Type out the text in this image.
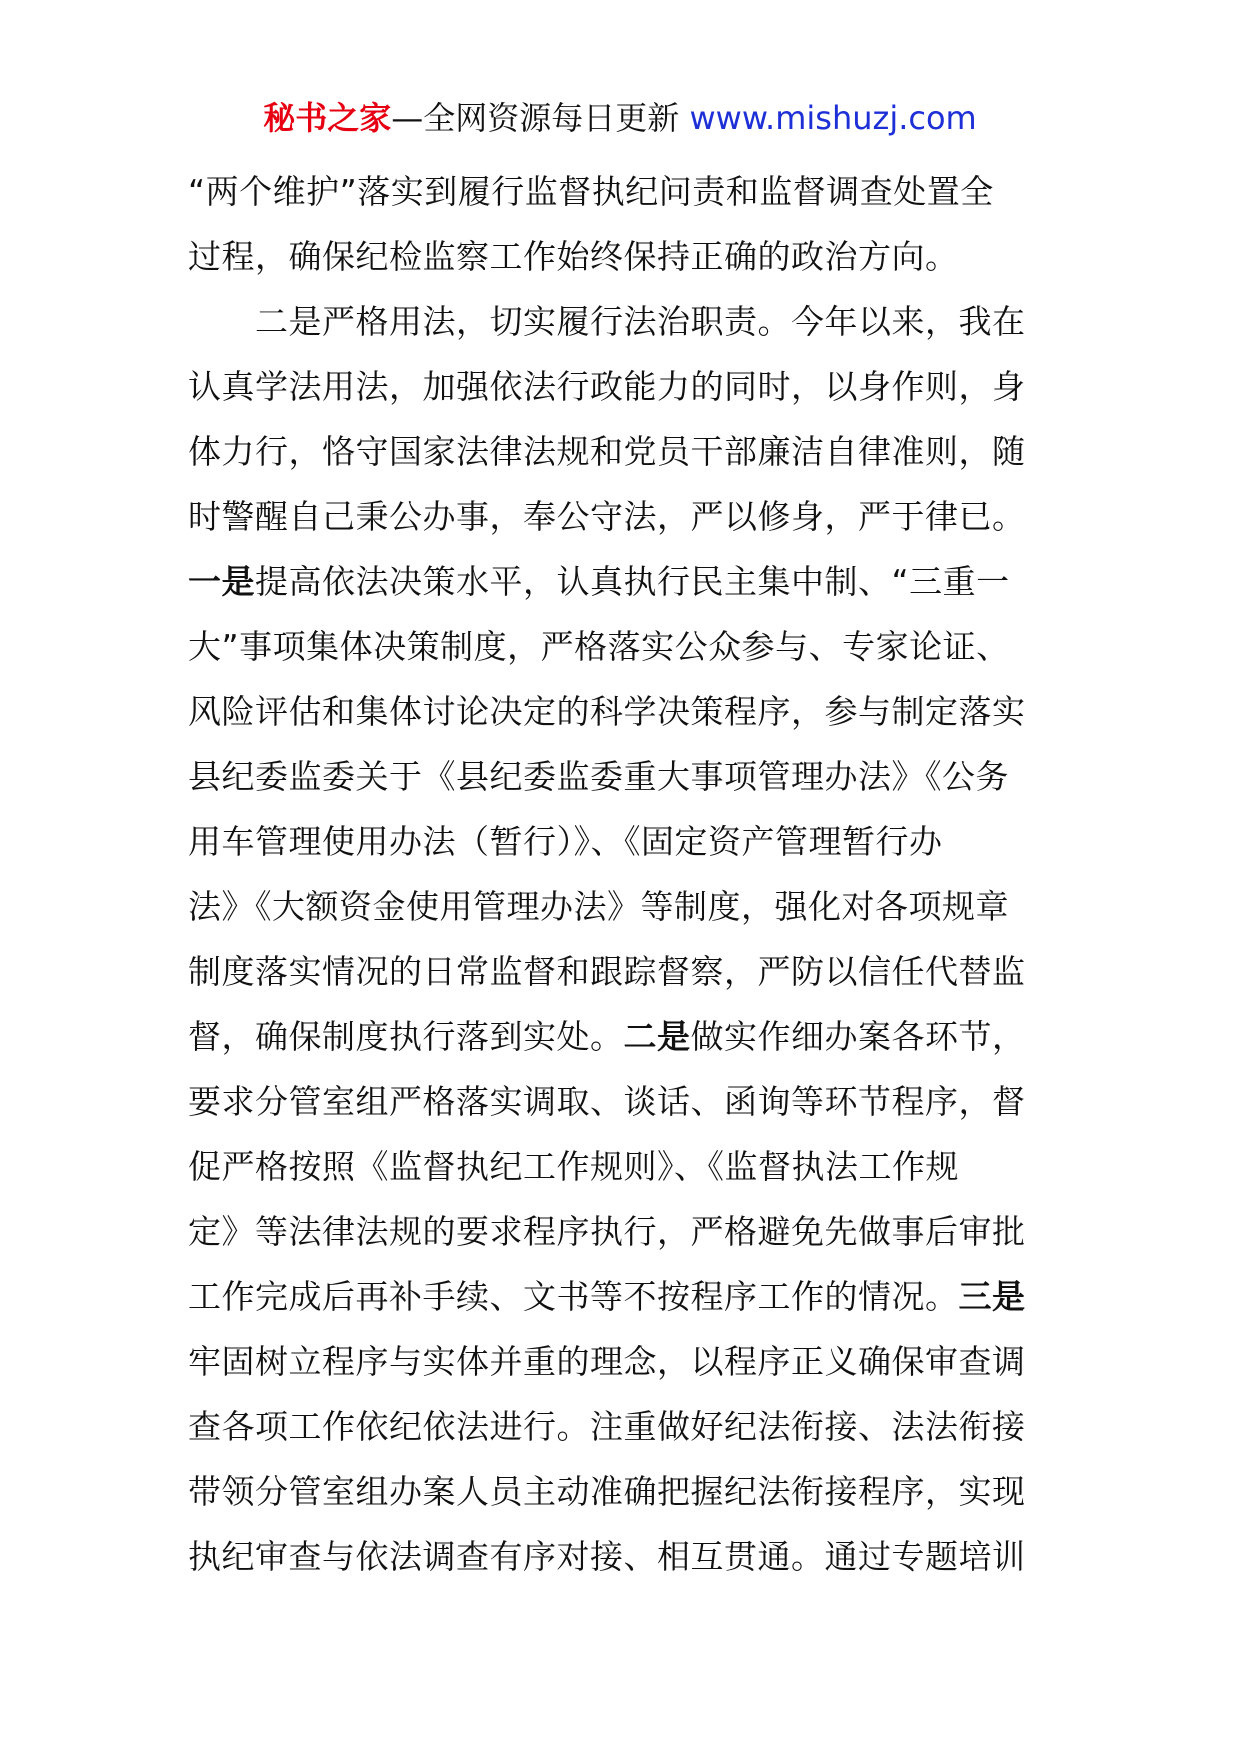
秘书之家—全网资源每日更新 www.mishuzj.com
“两个维护”落实到履行监督执纪问责和监督调查处置全
过程，确保纪检监察工作始终保持正确的政治方向。
　　二是严格用法，切实履行法治职责。今年以来，我在
认真学法用法，加强依法行政能力的同时，以身作则，身
体力行，恪守国家法律法规和党员干部廉洁自律准则，随
时警醒自己秉公办事，奉公守法，严以修身，严于律已。
一是提高依法决策水平，认真执行民主集中制、“三重一
大”事项集体决策制度，严格落实公众参与、专家论证、
风险评估和集体讨论决定的科学决策程序，参与制定落实
县纪委监委关于《县纪委监委重大事项管理办法》《公务
用车管理使用办法（暂行）》、《固定资产管理暂行办
法》《大额资金使用管理办法》等制度，强化对各项规章
制度落实情况的日常监督和跟踪督察，严防以信任代替监
督，确保制度执行落到实处。二是做实作细办案各环节，
要求分管室组严格落实调取、谈话、函询等环节程序，督
促严格按照《监督执纪工作规则》、《监督执法工作规
定》等法律法规的要求程序执行，严格避免先做事后审批
工作完成后再补手续、文书等不按程序工作的情况。三是
牢固树立程序与实体并重的理念，以程序正义确保审查调
查各项工作依纪依法进行。注重做好纪法衔接、法法衔接
带领分管室组办案人员主动准确把握纪法衔接程序，实现
执纪审查与依法调查有序对接、相互贯通。通过专题培训
